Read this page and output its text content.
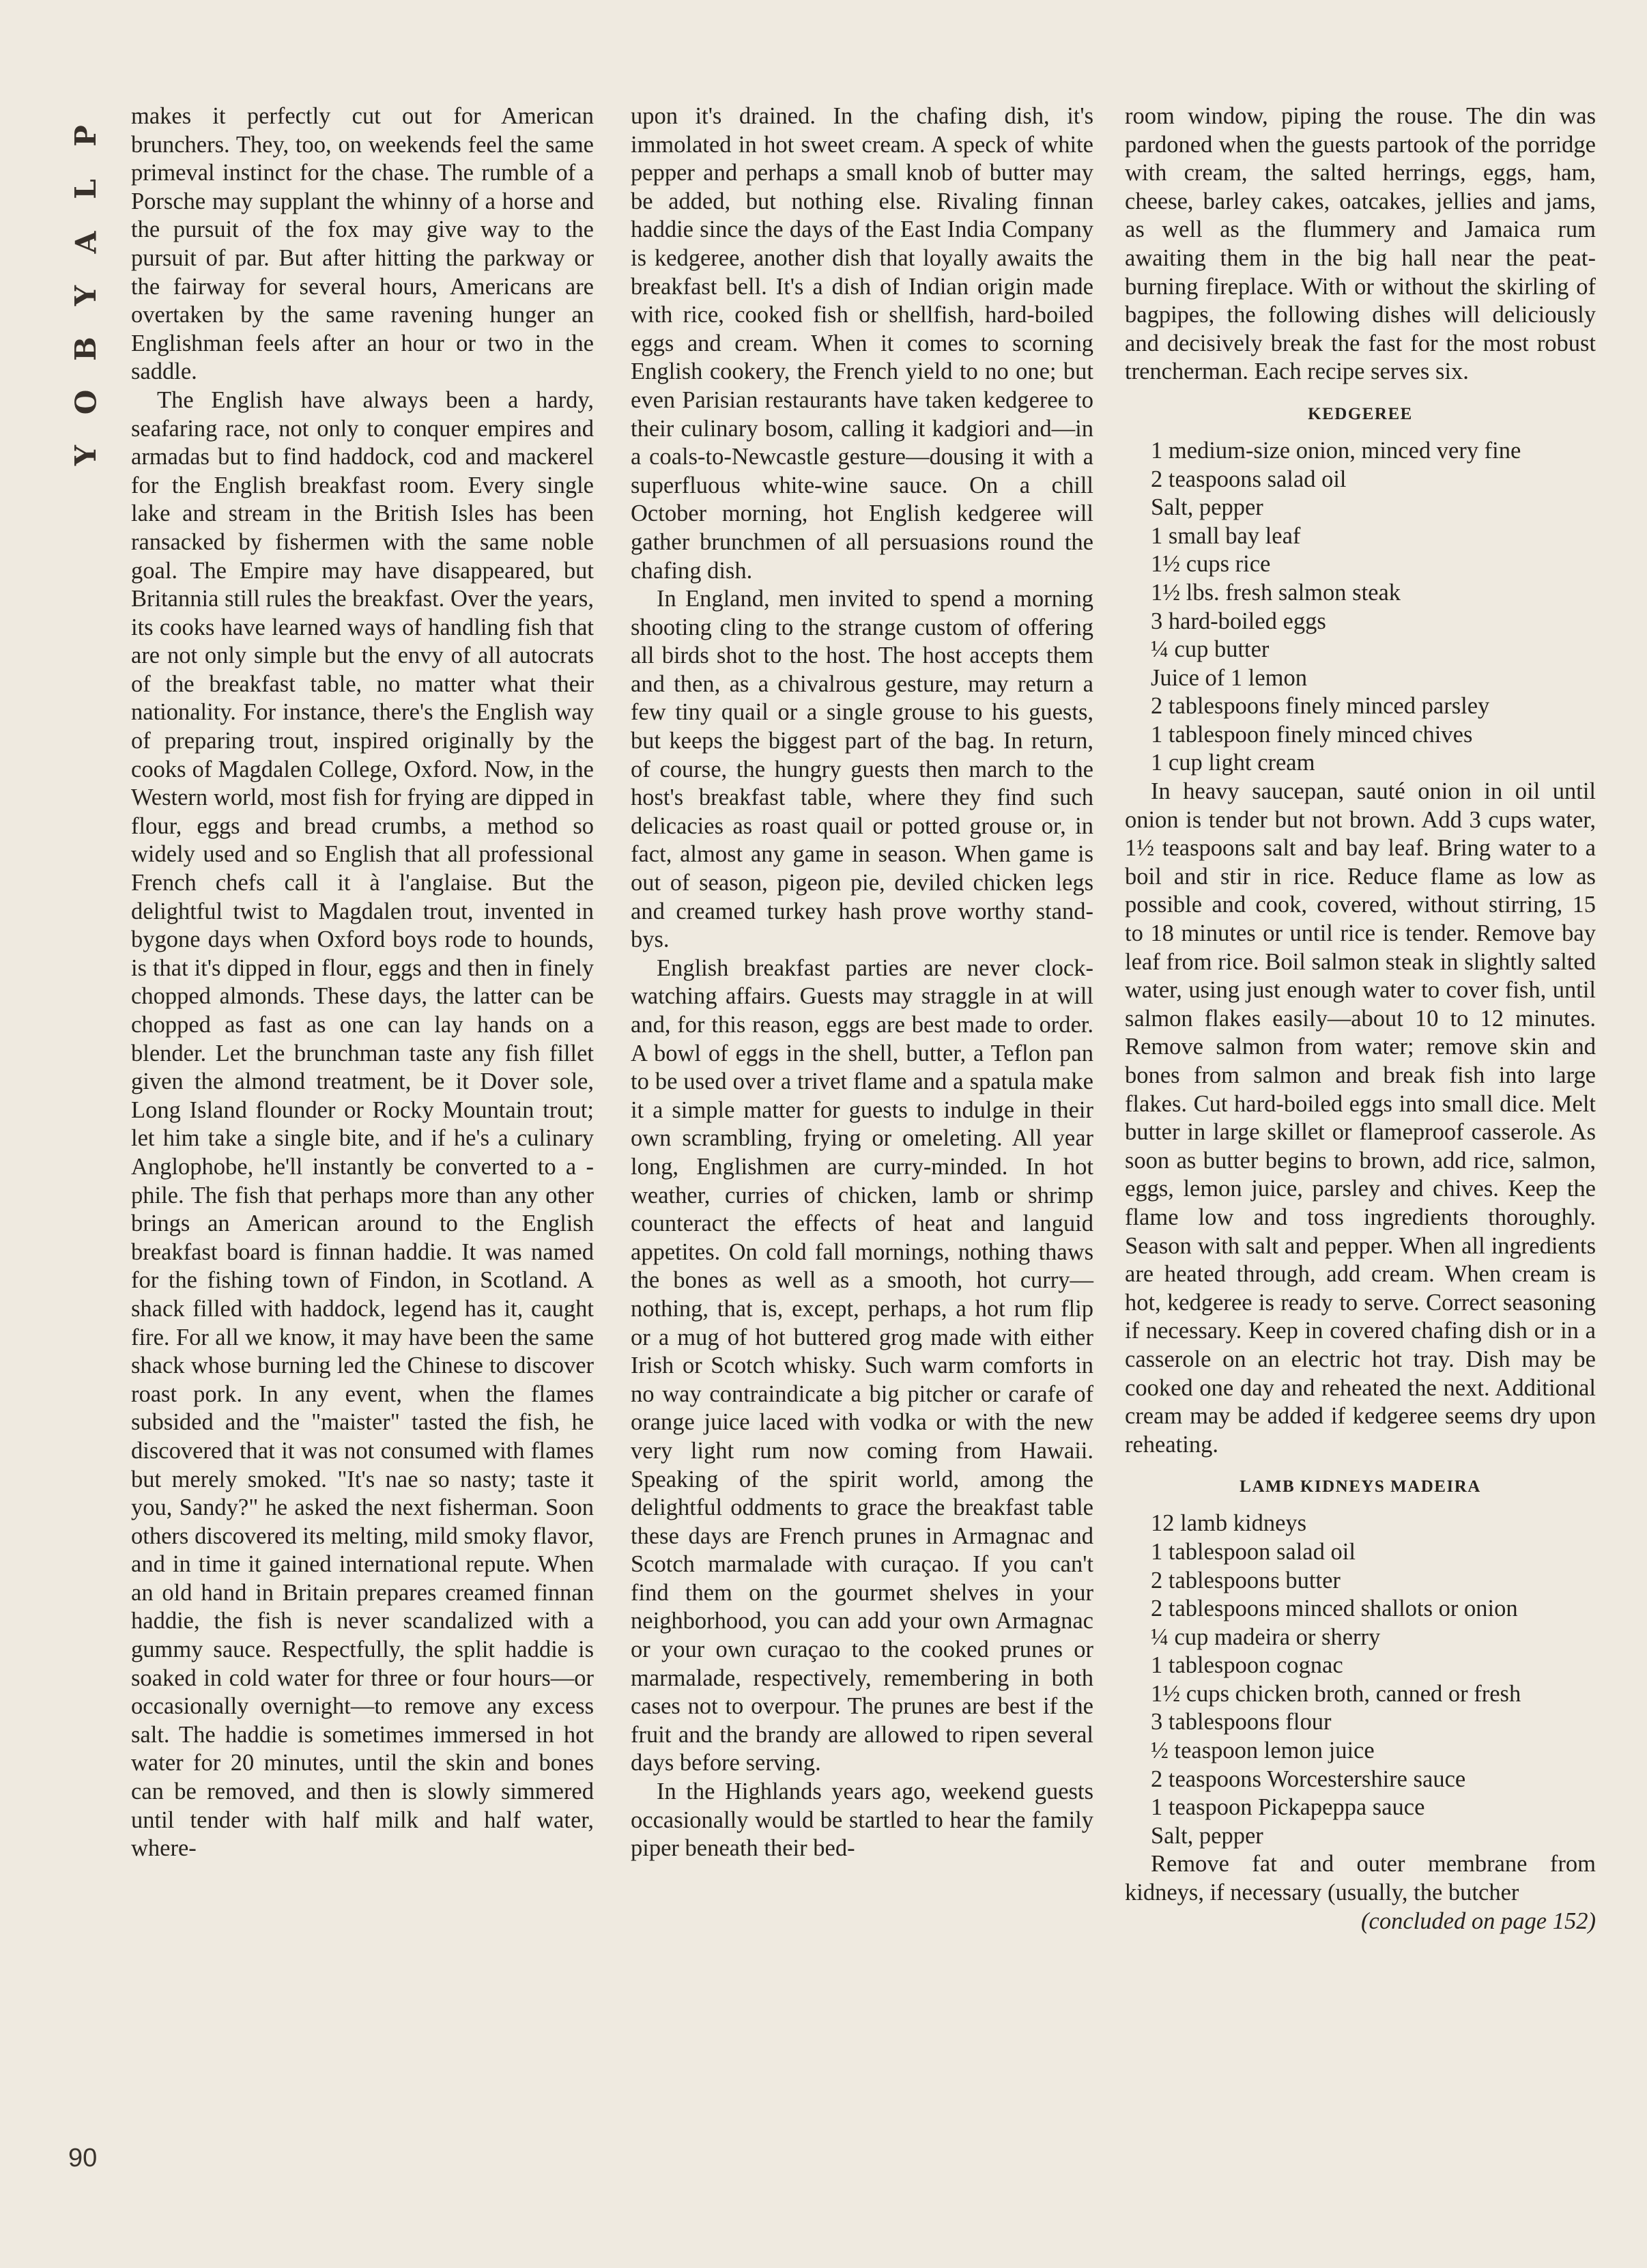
P
L
A
Y
B
O
Y
90

makes it perfectly cut out for American brunchers. They, too, on weekends feel the same primeval instinct for the chase. The rumble of a Porsche may supplant the whinny of a horse and the pursuit of the fox may give way to the pursuit of par. But after hitting the parkway or the fairway for several hours, Americans are overtaken by the same ravening hunger an Englishman feels after an hour or two in the saddle.

The English have always been a hardy, seafaring race, not only to conquer empires and armadas but to find haddock, cod and mackerel for the English breakfast room. Every single lake and stream in the British Isles has been ransacked by fishermen with the same noble goal. The Empire may have disappeared, but Britannia still rules the breakfast. Over the years, its cooks have learned ways of handling fish that are not only simple but the envy of all autocrats of the breakfast table, no matter what their nationality. For instance, there's the English way of preparing trout, inspired originally by the cooks of Magdalen College, Oxford. Now, in the Western world, most fish for frying are dipped in flour, eggs and bread crumbs, a method so widely used and so English that all professional French chefs call it à l'anglaise. But the delightful twist to Magdalen trout, invented in bygone days when Oxford boys rode to hounds, is that it's dipped in flour, eggs and then in finely chopped almonds. These days, the latter can be chopped as fast as one can lay hands on a blender. Let the brunchman taste any fish fillet given the almond treatment, be it Dover sole, Long Island flounder or Rocky Mountain trout; let him take a single bite, and if he's a culinary Anglophobe, he'll instantly be converted to a -phile. The fish that perhaps more than any other brings an American around to the English breakfast board is finnan haddie. It was named for the fishing town of Findon, in Scotland. A shack filled with haddock, legend has it, caught fire. For all we know, it may have been the same shack whose burning led the Chinese to discover roast pork. In any event, when the flames subsided and the "maister" tasted the fish, he discovered that it was not consumed with flames but merely smoked. "It's nae so nasty; taste it you, Sandy?" he asked the next fisherman. Soon others discovered its melting, mild smoky flavor, and in time it gained international repute. When an old hand in Britain prepares creamed finnan haddie, the fish is never scandalized with a gummy sauce. Respectfully, the split haddie is soaked in cold water for three or four hours—or occasionally overnight—to remove any excess salt. The haddie is sometimes immersed in hot water for 20 minutes, until the skin and bones can be removed, and then is slowly simmered until tender with half milk and half water, where-

upon it's drained. In the chafing dish, it's immolated in hot sweet cream. A speck of white pepper and perhaps a small knob of butter may be added, but nothing else. Rivaling finnan haddie since the days of the East India Company is kedgeree, another dish that loyally awaits the breakfast bell. It's a dish of Indian origin made with rice, cooked fish or shellfish, hard-boiled eggs and cream. When it comes to scorning English cookery, the French yield to no one; but even Parisian restaurants have taken kedgeree to their culinary bosom, calling it kadgiori and—in a coals-to-Newcastle gesture—dousing it with a superfluous white-wine sauce. On a chill October morning, hot English kedgeree will gather brunchmen of all persuasions round the chafing dish.

In England, men invited to spend a morning shooting cling to the strange custom of offering all birds shot to the host. The host accepts them and then, as a chivalrous gesture, may return a few tiny quail or a single grouse to his guests, but keeps the biggest part of the bag. In return, of course, the hungry guests then march to the host's breakfast table, where they find such delicacies as roast quail or potted grouse or, in fact, almost any game in season. When game is out of season, pigeon pie, deviled chicken legs and creamed turkey hash prove worthy stand-bys.

English breakfast parties are never clock-watching affairs. Guests may straggle in at will and, for this reason, eggs are best made to order. A bowl of eggs in the shell, butter, a Teflon pan to be used over a trivet flame and a spatula make it a simple matter for guests to indulge in their own scrambling, frying or omeleting. All year long, Englishmen are curry-minded. In hot weather, curries of chicken, lamb or shrimp counteract the effects of heat and languid appetites. On cold fall mornings, nothing thaws the bones as well as a smooth, hot curry—nothing, that is, except, perhaps, a hot rum flip or a mug of hot buttered grog made with either Irish or Scotch whisky. Such warm comforts in no way contraindicate a big pitcher or carafe of orange juice laced with vodka or with the new very light rum now coming from Hawaii. Speaking of the spirit world, among the delightful oddments to grace the breakfast table these days are French prunes in Armagnac and Scotch marmalade with curaçao. If you can't find them on the gourmet shelves in your neighborhood, you can add your own Armagnac or your own curaçao to the cooked prunes or marmalade, respectively, remembering in both cases not to overpour. The prunes are best if the fruit and the brandy are allowed to ripen several days before serving.

In the Highlands years ago, weekend guests occasionally would be startled to hear the family piper beneath their bed-

room window, piping the rouse. The din was pardoned when the guests partook of the porridge with cream, the salted herrings, eggs, ham, cheese, barley cakes, oatcakes, jellies and jams, as well as the flummery and Jamaica rum awaiting them in the big hall near the peat-burning fireplace. With or without the skirling of bagpipes, the following dishes will deliciously and decisively break the fast for the most robust trencherman. Each recipe serves six.

KEDGEREE
1 medium-size onion, minced very fine
2 teaspoons salad oil
Salt, pepper
1 small bay leaf
1½ cups rice
1½ lbs. fresh salmon steak
3 hard-boiled eggs
¼ cup butter
Juice of 1 lemon
2 tablespoons finely minced parsley
1 tablespoon finely minced chives
1 cup light cream

In heavy saucepan, sauté onion in oil until onion is tender but not brown. Add 3 cups water, 1½ teaspoons salt and bay leaf. Bring water to a boil and stir in rice. Reduce flame as low as possible and cook, covered, without stirring, 15 to 18 minutes or until rice is tender. Remove bay leaf from rice. Boil salmon steak in slightly salted water, using just enough water to cover fish, until salmon flakes easily—about 10 to 12 minutes. Remove salmon from water; remove skin and bones from salmon and break fish into large flakes. Cut hard-boiled eggs into small dice. Melt butter in large skillet or flameproof casserole. As soon as butter begins to brown, add rice, salmon, eggs, lemon juice, parsley and chives. Keep the flame low and toss ingredients thoroughly. Season with salt and pepper. When all ingredients are heated through, add cream. When cream is hot, kedgeree is ready to serve. Correct seasoning if necessary. Keep in covered chafing dish or in a casserole on an electric hot tray. Dish may be cooked one day and reheated the next. Additional cream may be added if kedgeree seems dry upon reheating.

LAMB KIDNEYS MADEIRA
12 lamb kidneys
1 tablespoon salad oil
2 tablespoons butter
2 tablespoons minced shallots or onion
¼ cup madeira or sherry
1 tablespoon cognac
1½ cups chicken broth, canned or fresh
3 tablespoons flour
½ teaspoon lemon juice
2 teaspoons Worcestershire sauce
1 teaspoon Pickapeppa sauce
Salt, pepper

Remove fat and outer membrane from kidneys, if necessary (usually, the butcher

(concluded on page 152)
